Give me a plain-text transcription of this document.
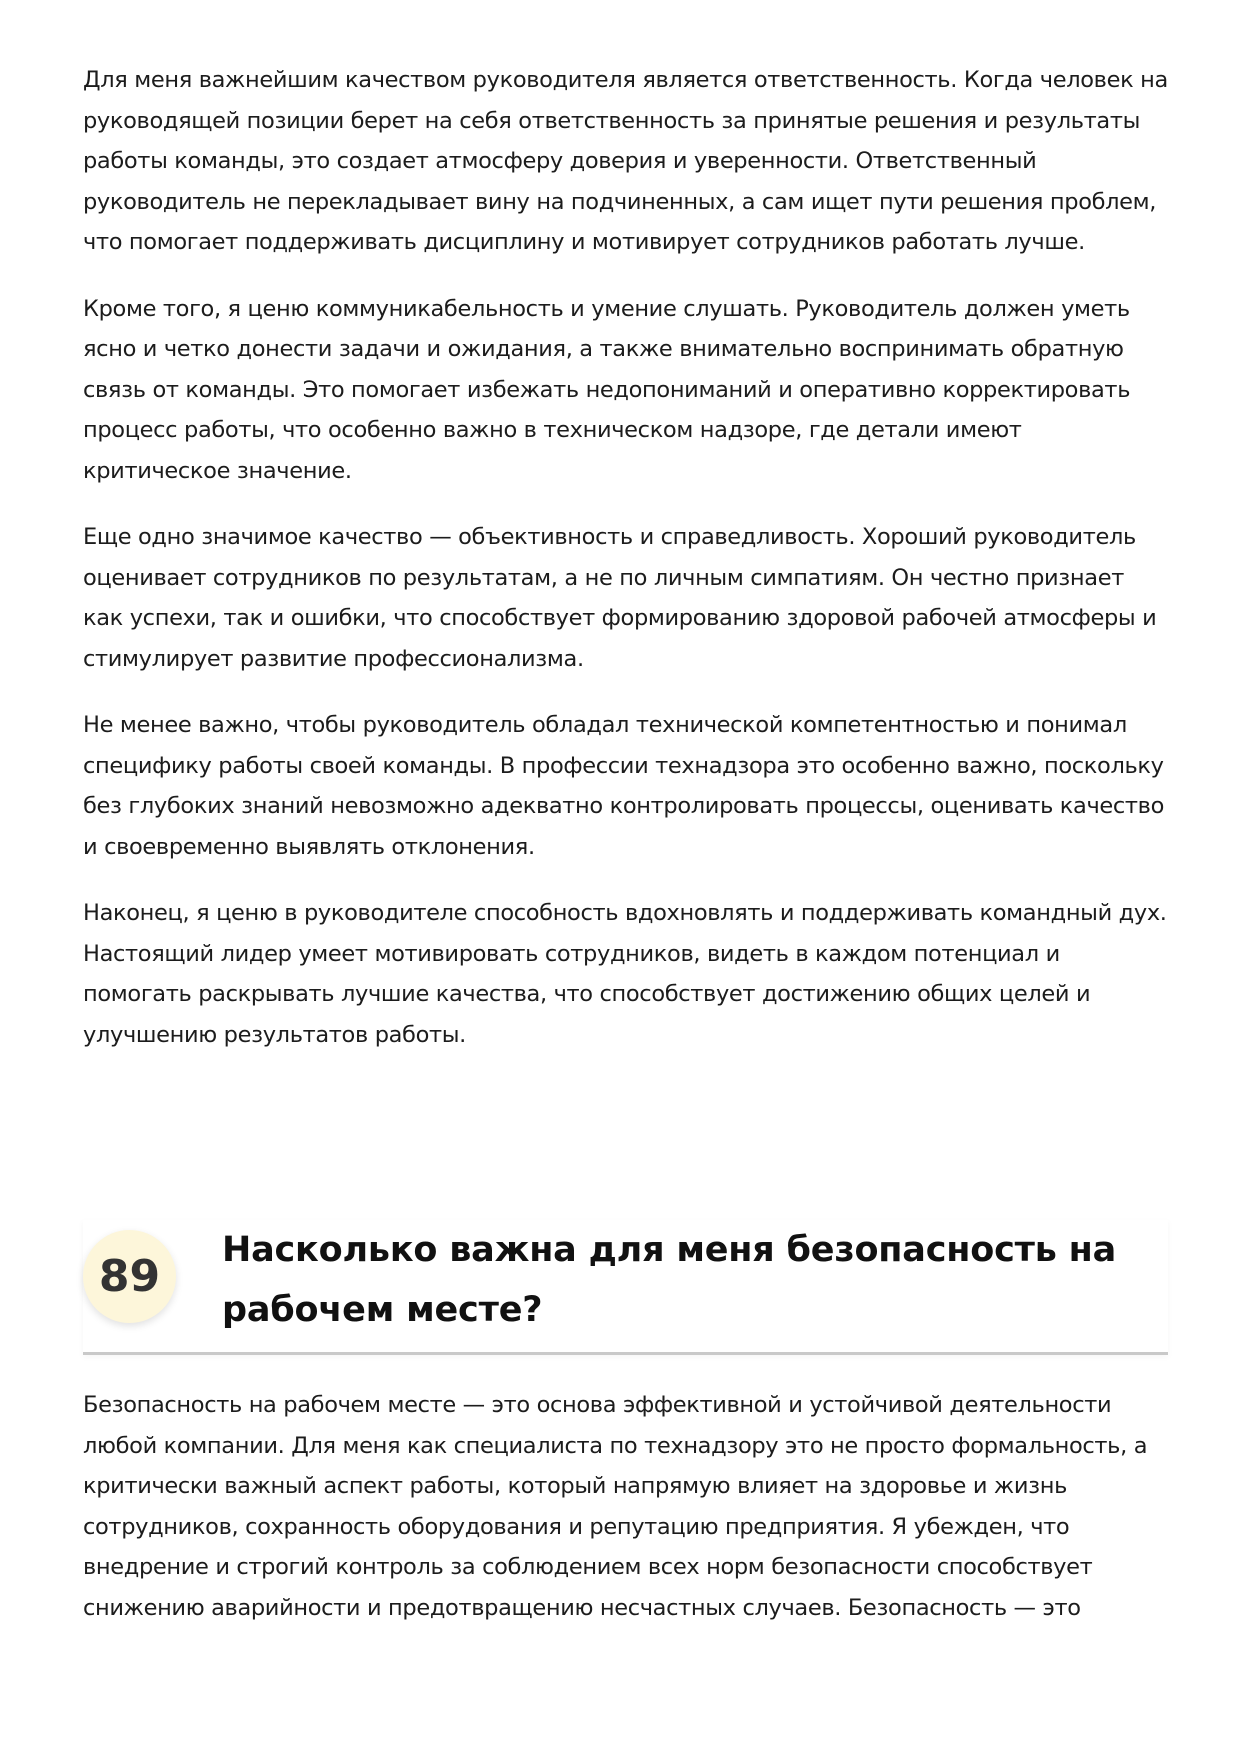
Для меня важнейшим качеством руководителя является ответственность. Когда человек на руководящей позиции берет на себя ответственность за принятые решения и результаты работы команды, это создает атмосферу доверия и уверенности. Ответственный руководитель не перекладывает вину на подчиненных, а сам ищет пути решения проблем, что помогает поддерживать дисциплину и мотивирует сотрудников работать лучше.

Кроме того, я ценю коммуникабельность и умение слушать. Руководитель должен уметь ясно и четко донести задачи и ожидания, а также внимательно воспринимать обратную связь от команды. Это помогает избежать недопониманий и оперативно корректировать процесс работы, что особенно важно в техническом надзоре, где детали имеют критическое значение.

Еще одно значимое качество — объективность и справедливость. Хороший руководитель оценивает сотрудников по результатам, а не по личным симпатиям. Он честно признает как успехи, так и ошибки, что способствует формированию здоровой рабочей атмосферы и стимулирует развитие профессионализма.

Не менее важно, чтобы руководитель обладал технической компетентностью и понимал специфику работы своей команды. В профессии технадзора это особенно важно, поскольку без глубоких знаний невозможно адекватно контролировать процессы, оценивать качество и своевременно выявлять отклонения.

Наконец, я ценю в руководителе способность вдохновлять и поддерживать командный дух. Настоящий лидер умеет мотивировать сотрудников, видеть в каждом потенциал и помогать раскрывать лучшие качества, что способствует достижению общих целей и улучшению результатов работы.

89
Насколько важна для меня безопасность на рабочем месте?

Безопасность на рабочем месте — это основа эффективной и устойчивой деятельности любой компании. Для меня как специалиста по технадзору это не просто формальность, а критически важный аспект работы, который напрямую влияет на здоровье и жизнь сотрудников, сохранность оборудования и репутацию предприятия. Я убежден, что внедрение и строгий контроль за соблюдением всех норм безопасности способствует снижению аварийности и предотвращению несчастных случаев. Безопасность — это
